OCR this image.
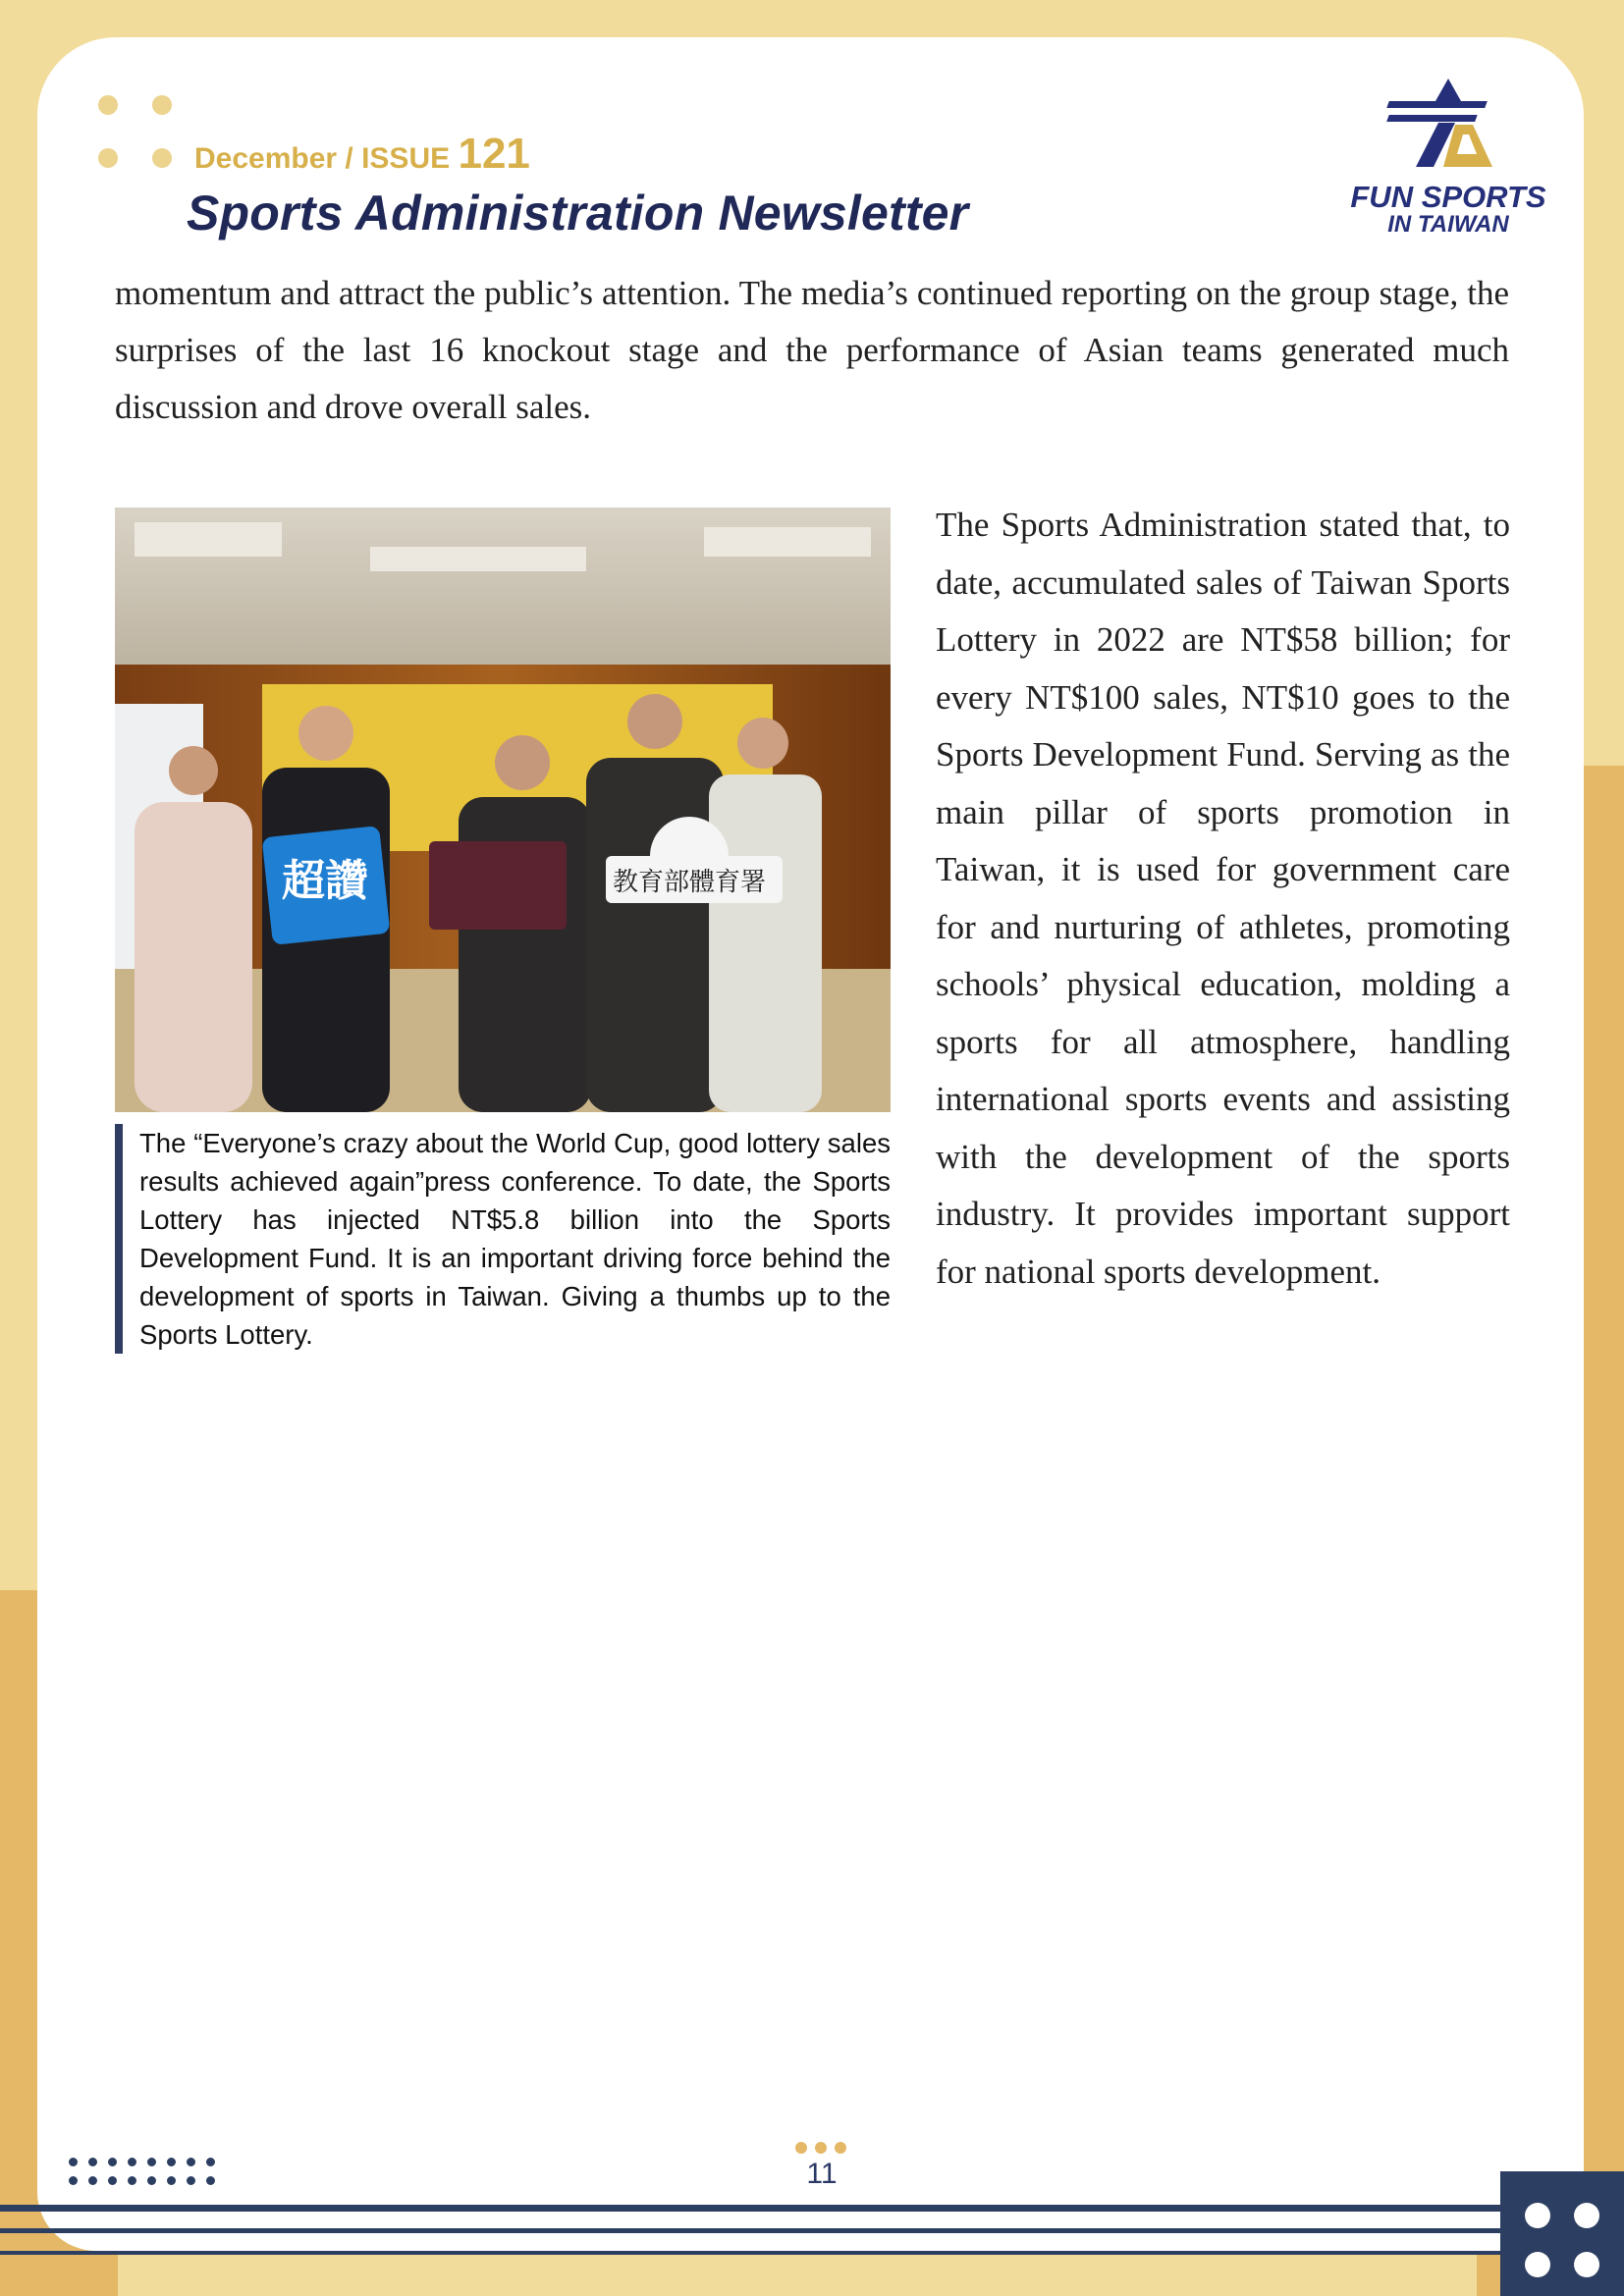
December / ISSUE 121
Sports Administration Newsletter	FUN SPORTS
IN TAIWAN

momentum and attract the public’s attention. The media’s continued reporting on the group stage, the surprises of the last 16 knockout stage and the performance of Asian teams generated much discussion and drove overall sales.

超讚	教育部體育署

The “Everyone’s crazy about the World Cup, good lottery sales results achieved again”press conference. To date, the Sports Lottery has injected NT$5.8 billion into the Sports Development Fund. It is an important driving force behind the development of sports in Taiwan. Giving a thumbs up to the Sports Lottery.

The Sports Administration stated that, to date, accumulated sales of Taiwan Sports Lottery in 2022 are NT$58 billion; for every NT$100 sales, NT$10 goes to the Sports Development Fund. Serving as the main pillar of sports promotion in Taiwan, it is used for government care for and nurturing of athletes, promoting schools’ physical education, molding a sports for all atmosphere, handling international sports events and assisting with the development of the sports industry. It provides important support for national sports development.

11
